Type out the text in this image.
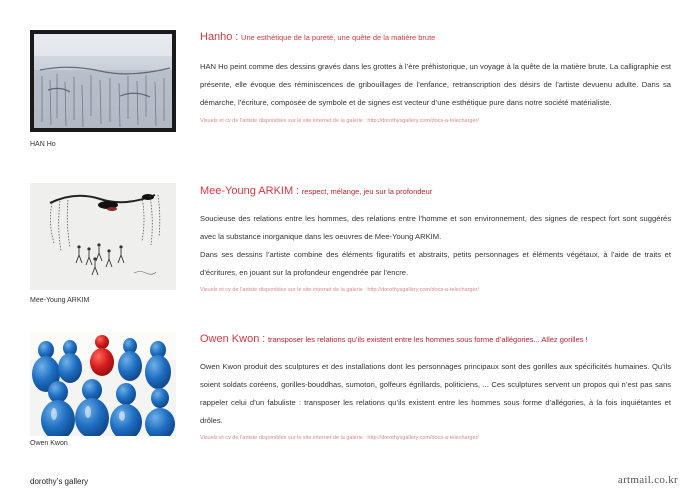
HAN Ho
Hanho : Une esthétique de la pureté, une quête de la matière brute

HAN Ho peint comme des dessins gravés dans les grottes à l’ère préhistorique, un voyage à la quête de la matière brute. La calligraphie est présente, elle évoque des réminiscences de gribouillages de l’enfance, retranscription des désirs de l’artiste devuenu adulte. Dans sa démarche, l’écriture, composée de symbole et de signes est vecteur d’une esthétique pure dans notre société matérialiste.

Visuels et cv de l’artiste disponibles sur le site internet de la galerie : http://dorothysgallery.com/docs-a-telecharger/
Mee-Young ARKIM
Mee-Young ARKIM : respect, mélange, jeu sur la profondeur

Soucieuse des relations entre les hommes, des relations entre l’homme et son environnement, des signes de respect fort sont suggérés avec la substance inorganique dans les oeuvres de Mee-Young ARKIM.

Dans ses dessins l’artiste combine des éléments figuratifs et abstraits, petits personnages et éléments végétaux, à l’aide de traits et d’écritures, en jouant sur la profondeur engendrée par l’encre.

Visuels et cv de l’artiste disponibles sur le site internet de la galerie : http://dorothysgallery.com/docs-a-telecharger/
Owen Kwon
Owen Kwon : transposer les relations qu’ils existent entre les hommes sous forme d’allégories... Allez gorilles !

Owen Kwon produit des sculptures et des installations dont les personnages principaux sont des gorilles aux spécificités humaines. Qu’ils soient soldats coréens, gorilles-bouddhas, sumotori, golfeurs égrillards, politiciens, ... Ces sculptures servent un propos qui n’est pas sans rappeler celui d’un fabuliste : transposer les relations qu’ils existent entre les hommes sous forme d’allégories, à la fois inquiétantes et drôles.

Visuels et cv de l’artiste disponibles sur le site internet de la galerie : http://dorothysgallery.com/docs-a-telecharger/
dorothy’s gallery	artmail.co.kr
